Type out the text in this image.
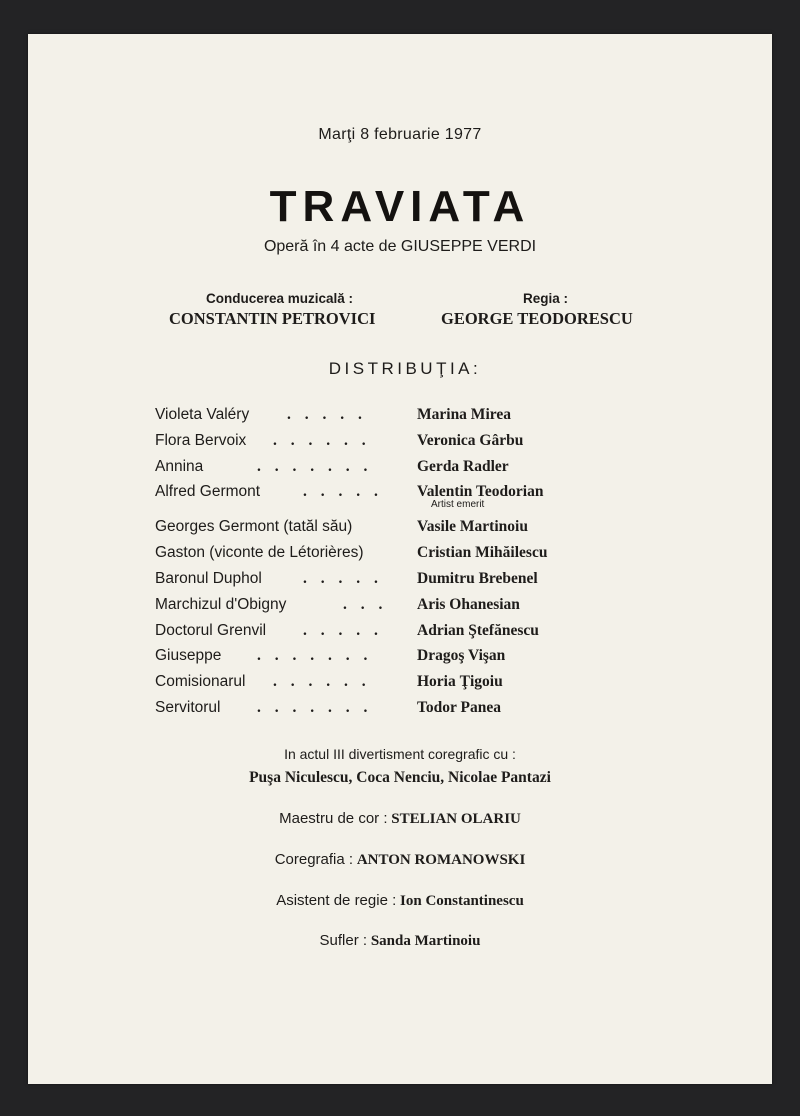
Marţi 8 februarie 1977
TRAVIATA
Operă în 4 acte de GIUSEPPE VERDI
Conducerea muzicală :
CONSTANTIN PETROVICI
Regia :
GEORGE TEODORESCU
DISTRIBUŢIA:
Violeta Valéry . . . . .	Marina Mirea
Flora Bervoix . . . . . .	Veronica Gârbu
Annina	. . . . . . .	Gerda Radler
Alfred Germont	. . . . . Valentin Teodorian
Artist emerit
Georges Germont (tatăl său)	Vasile Martinoiu
Gaston (viconte de Létorières)	Cristian Mihăilescu
Baronul Duphol	. . . . . Dumitru Brebenel
Marchizul d'Obigny	. . . Aris Ohanesian
Doctorul Grenvil . . . . . Adrian Ştefănescu
Giuseppe . . . . . . .	Dragoş Vişan
Comisionarul . . . . . .	Horia Ţigoiu
Servitorul . . . . . . .	Todor Panea
In actul III divertisment coregrafic cu :
Puşa Niculescu, Coca Nenciu, Nicolae Pantazi
Maestru de cor : STELIAN OLARIU
Coregrafia : ANTON ROMANOWSKI
Asistent de regie : Ion Constantinescu
Sufler : Sanda Martinoiu
